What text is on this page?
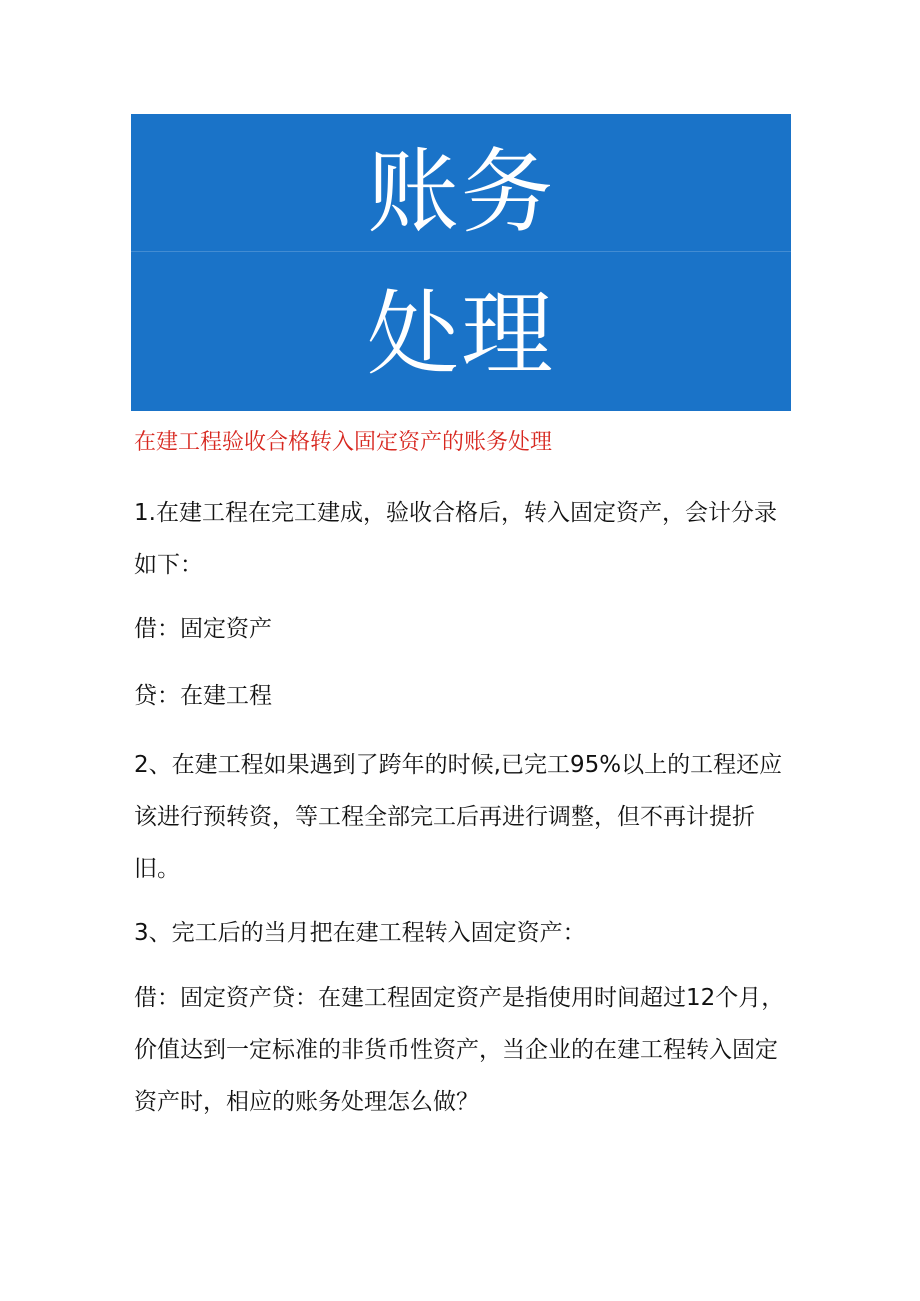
账务
处理
在建工程验收合格转入固定资产的账务处理
1.在建工程在完工建成，验收合格后，转入固定资产，会计分录如下：
借：固定资产
贷：在建工程
2、在建工程如果遇到了跨年的时候,已完工95%以上的工程还应该进行预转资，等工程全部完工后再进行调整，但不再计提折旧。
3、完工后的当月把在建工程转入固定资产：
借：固定资产贷：在建工程固定资产是指使用时间超过12个月，价值达到一定标准的非货币性资产，当企业的在建工程转入固定资产时，相应的账务处理怎么做？
